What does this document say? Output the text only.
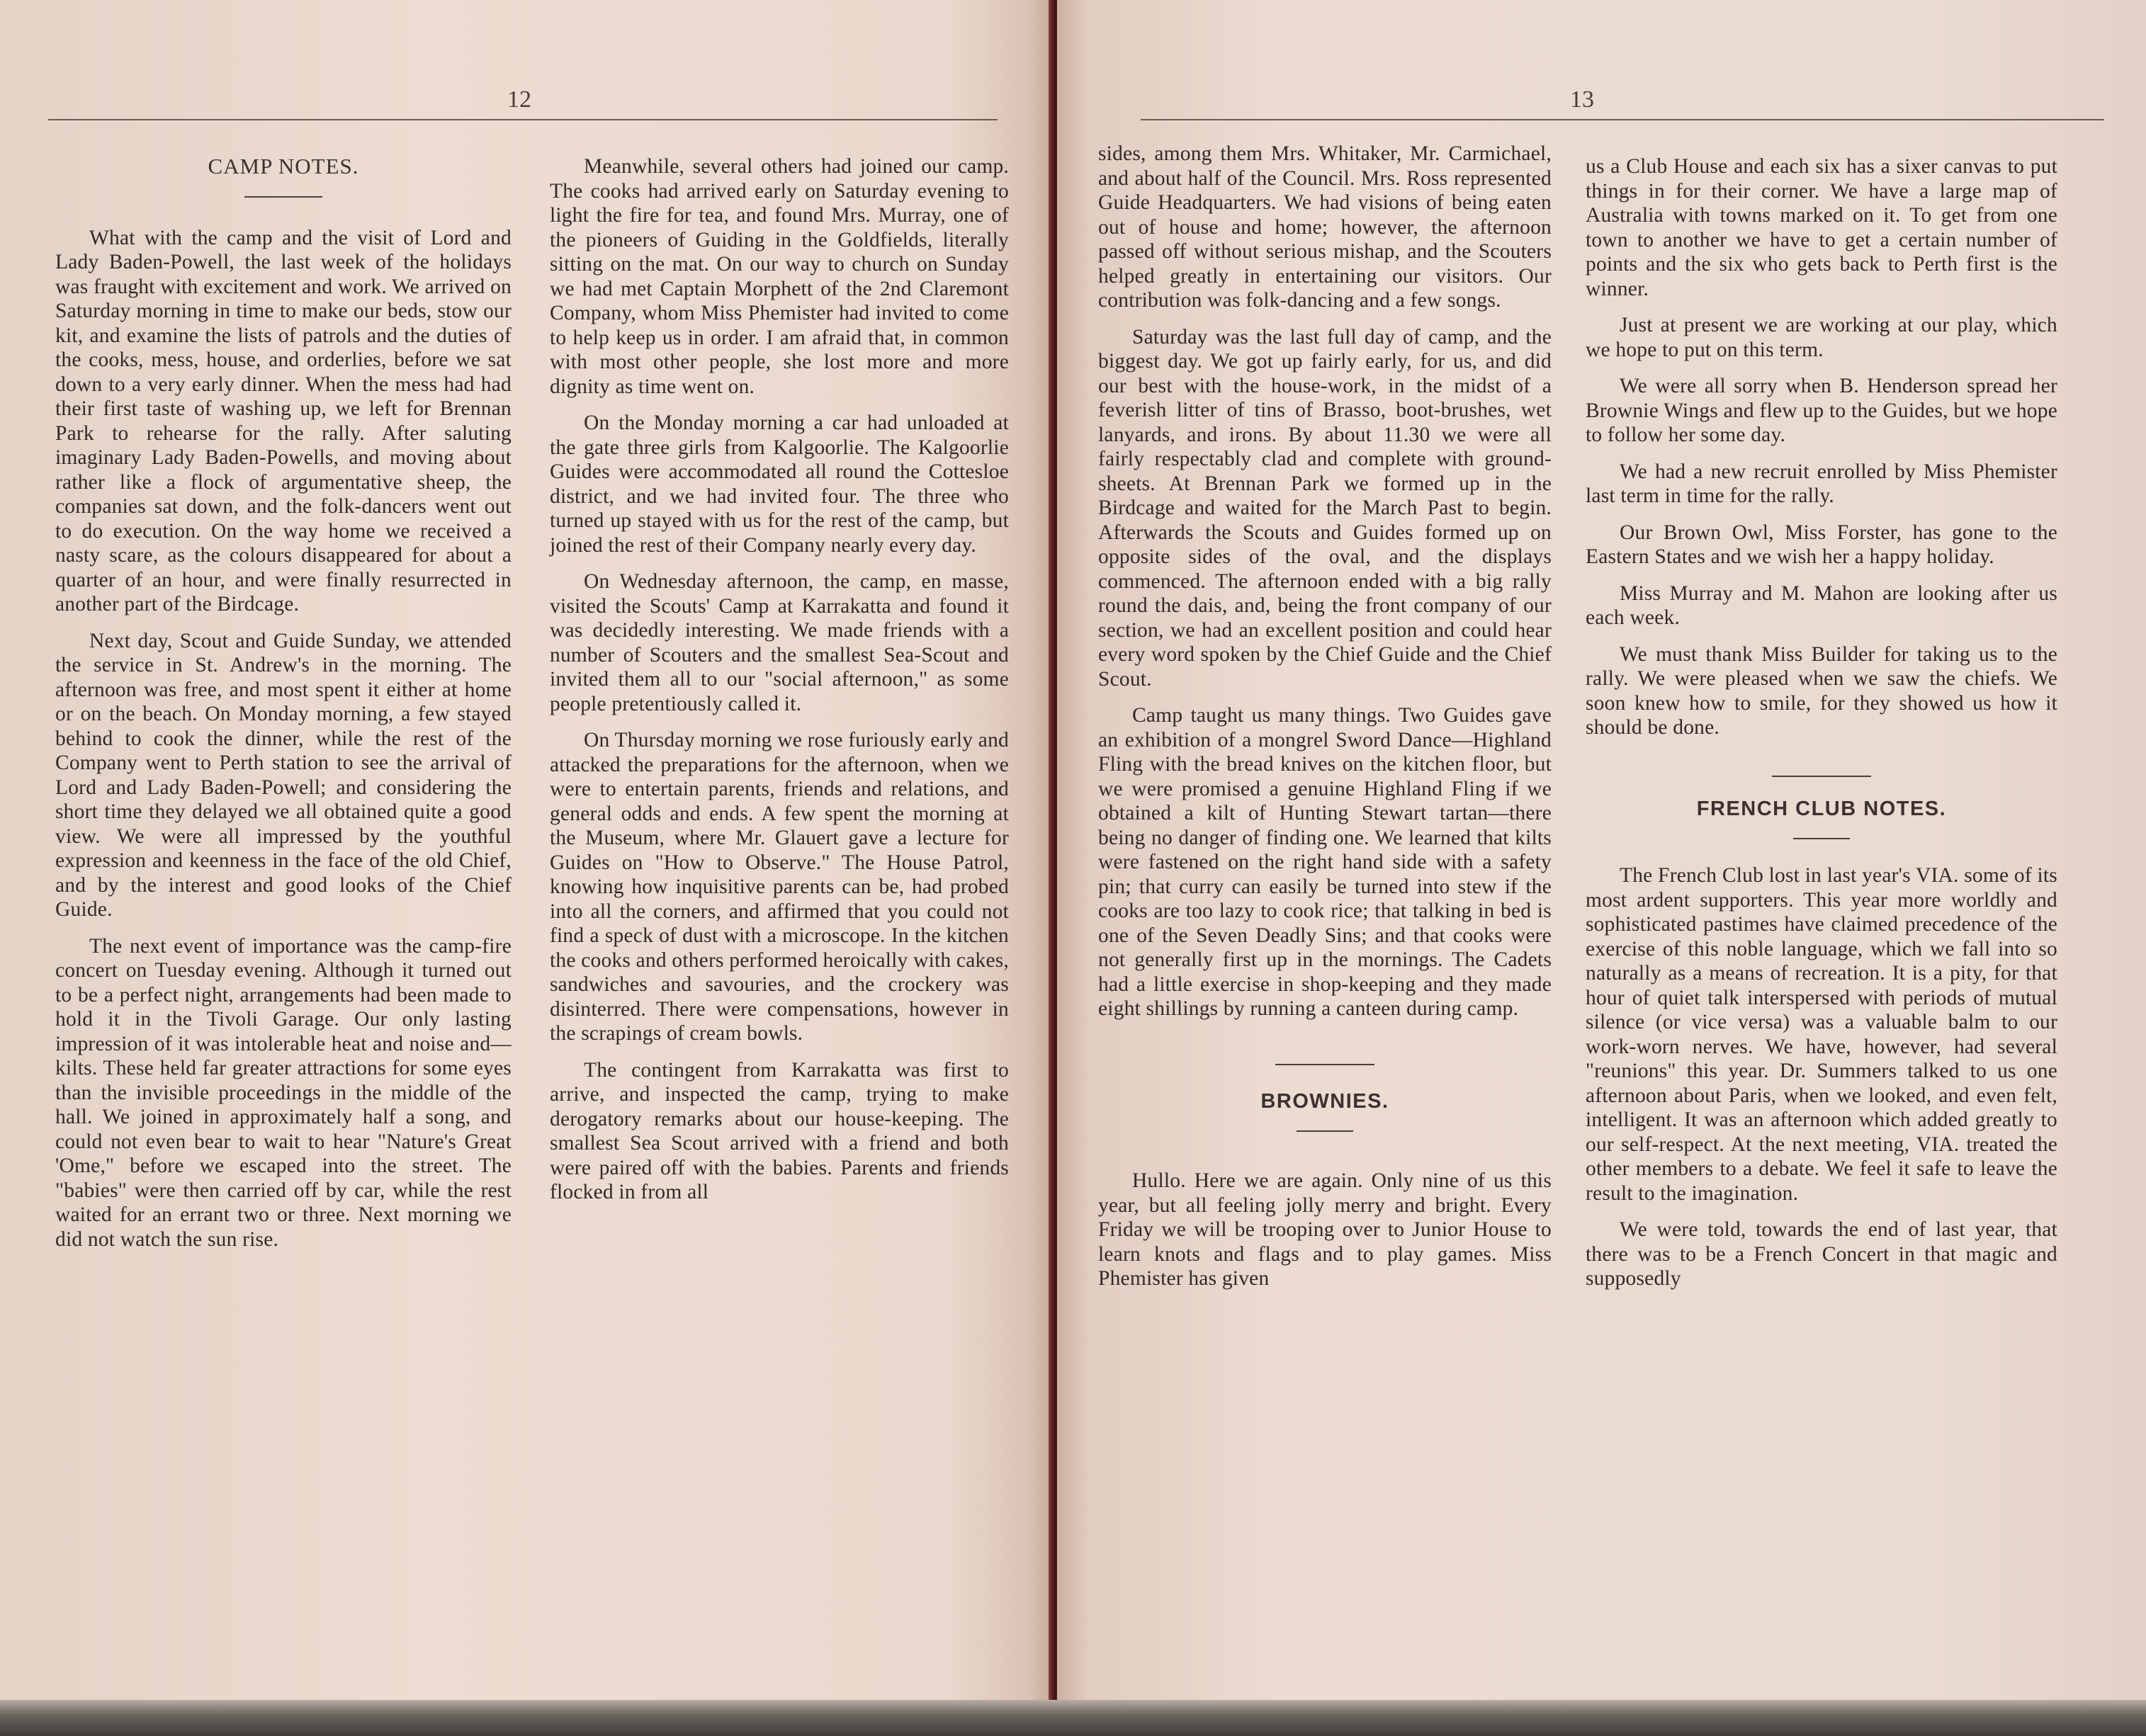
12
CAMP NOTES.

What with the camp and the visit of Lord and Lady Baden-Powell, the last week of the holidays was fraught with excitement and work. We arrived on Saturday morning in time to make our beds, stow our kit, and examine the lists of patrols and the duties of the cooks, mess, house, and orderlies, before we sat down to a very early dinner. When the mess had had their first taste of washing up, we left for Brennan Park to rehearse for the rally. After saluting imaginary Lady Baden-Powells, and moving about rather like a flock of argumentative sheep, the companies sat down, and the folk-dancers went out to do execution. On the way home we received a nasty scare, as the colours disappeared for about a quarter of an hour, and were finally resurrected in another part of the Birdcage.

Next day, Scout and Guide Sunday, we attended the service in St. Andrew's in the morning. The afternoon was free, and most spent it either at home or on the beach. On Monday morning, a few stayed behind to cook the dinner, while the rest of the Company went to Perth station to see the arrival of Lord and Lady Baden-Powell; and considering the short time they delayed we all obtained quite a good view. We were all impressed by the youthful expression and keenness in the face of the old Chief, and by the interest and good looks of the Chief Guide.

The next event of importance was the camp-fire concert on Tuesday evening. Although it turned out to be a perfect night, arrangements had been made to hold it in the Tivoli Garage. Our only lasting impression of it was intolerable heat and noise and—kilts. These held far greater attractions for some eyes than the invisible proceedings in the middle of the hall. We joined in approximately half a song, and could not even bear to wait to hear "Nature's Great 'Ome," before we escaped into the street. The "babies" were then carried off by car, while the rest waited for an errant two or three. Next morning we did not watch the sun rise.

Meanwhile, several others had joined our camp. The cooks had arrived early on Saturday evening to light the fire for tea, and found Mrs. Murray, one of the pioneers of Guiding in the Goldfields, literally sitting on the mat. On our way to church on Sunday we had met Captain Morphett of the 2nd Claremont Company, whom Miss Phemister had invited to come to help keep us in order. I am afraid that, in common with most other people, she lost more and more dignity as time went on.

On the Monday morning a car had unloaded at the gate three girls from Kalgoorlie. The Kalgoorlie Guides were accommodated all round the Cottesloe district, and we had invited four. The three who turned up stayed with us for the rest of the camp, but joined the rest of their Company nearly every day.

On Wednesday afternoon, the camp, en masse, visited the Scouts' Camp at Karrakatta and found it was decidedly interesting. We made friends with a number of Scouters and the smallest Sea-Scout and invited them all to our "social afternoon," as some people pretentiously called it.

On Thursday morning we rose furiously early and attacked the preparations for the afternoon, when we were to entertain parents, friends and relations, and general odds and ends. A few spent the morning at the Museum, where Mr. Glauert gave a lecture for Guides on "How to Observe." The House Patrol, knowing how inquisitive parents can be, had probed into all the corners, and affirmed that you could not find a speck of dust with a microscope. In the kitchen the cooks and others performed heroically with cakes, sandwiches and savouries, and the crockery was disinterred. There were compensations, however in the scrapings of cream bowls.

The contingent from Karrakatta was first to arrive, and inspected the camp, trying to make derogatory remarks about our house-keeping. The smallest Sea Scout arrived with a friend and both were paired off with the babies. Parents and friends flocked in from all

13

sides, among them Mrs. Whitaker, Mr. Carmichael, and about half of the Council. Mrs. Ross represented Guide Headquarters. We had visions of being eaten out of house and home; however, the afternoon passed off without serious mishap, and the Scouters helped greatly in entertaining our visitors. Our contribution was folk-dancing and a few songs.

Saturday was the last full day of camp, and the biggest day. We got up fairly early, for us, and did our best with the house-work, in the midst of a feverish litter of tins of Brasso, boot-brushes, wet lanyards, and irons. By about 11.30 we were all fairly respectably clad and complete with ground-sheets. At Brennan Park we formed up in the Birdcage and waited for the March Past to begin. Afterwards the Scouts and Guides formed up on opposite sides of the oval, and the displays commenced. The afternoon ended with a big rally round the dais, and, being the front company of our section, we had an excellent position and could hear every word spoken by the Chief Guide and the Chief Scout.

Camp taught us many things. Two Guides gave an exhibition of a mongrel Sword Dance—Highland Fling with the bread knives on the kitchen floor, but we were promised a genuine Highland Fling if we obtained a kilt of Hunting Stewart tartan—there being no danger of finding one. We learned that kilts were fastened on the right hand side with a safety pin; that curry can easily be turned into stew if the cooks are too lazy to cook rice; that talking in bed is one of the Seven Deadly Sins; and that cooks were not generally first up in the mornings. The Cadets had a little exercise in shop-keeping and they made eight shillings by running a canteen during camp.

BROWNIES.

Hullo. Here we are again. Only nine of us this year, but all feeling jolly merry and bright. Every Friday we will be trooping over to Junior House to learn knots and flags and to play games. Miss Phemister has given

us a Club House and each six has a sixer canvas to put things in for their corner. We have a large map of Australia with towns marked on it. To get from one town to another we have to get a certain number of points and the six who gets back to Perth first is the winner.

Just at present we are working at our play, which we hope to put on this term.

We were all sorry when B. Henderson spread her Brownie Wings and flew up to the Guides, but we hope to follow her some day.

We had a new recruit enrolled by Miss Phemister last term in time for the rally.

Our Brown Owl, Miss Forster, has gone to the Eastern States and we wish her a happy holiday.

Miss Murray and M. Mahon are looking after us each week.

We must thank Miss Builder for taking us to the rally. We were pleased when we saw the chiefs. We soon knew how to smile, for they showed us how it should be done.

FRENCH CLUB NOTES.

The French Club lost in last year's VIA. some of its most ardent supporters. This year more worldly and sophisticated pastimes have claimed precedence of the exercise of this noble language, which we fall into so naturally as a means of recreation. It is a pity, for that hour of quiet talk interspersed with periods of mutual silence (or vice versa) was a valuable balm to our work-worn nerves. We have, however, had several "reunions" this year. Dr. Summers talked to us one afternoon about Paris, when we looked, and even felt, intelligent. It was an afternoon which added greatly to our self-respect. At the next meeting, VIA. treated the other members to a debate. We feel it safe to leave the result to the imagination.

We were told, towards the end of last year, that there was to be a French Concert in that magic and supposedly
